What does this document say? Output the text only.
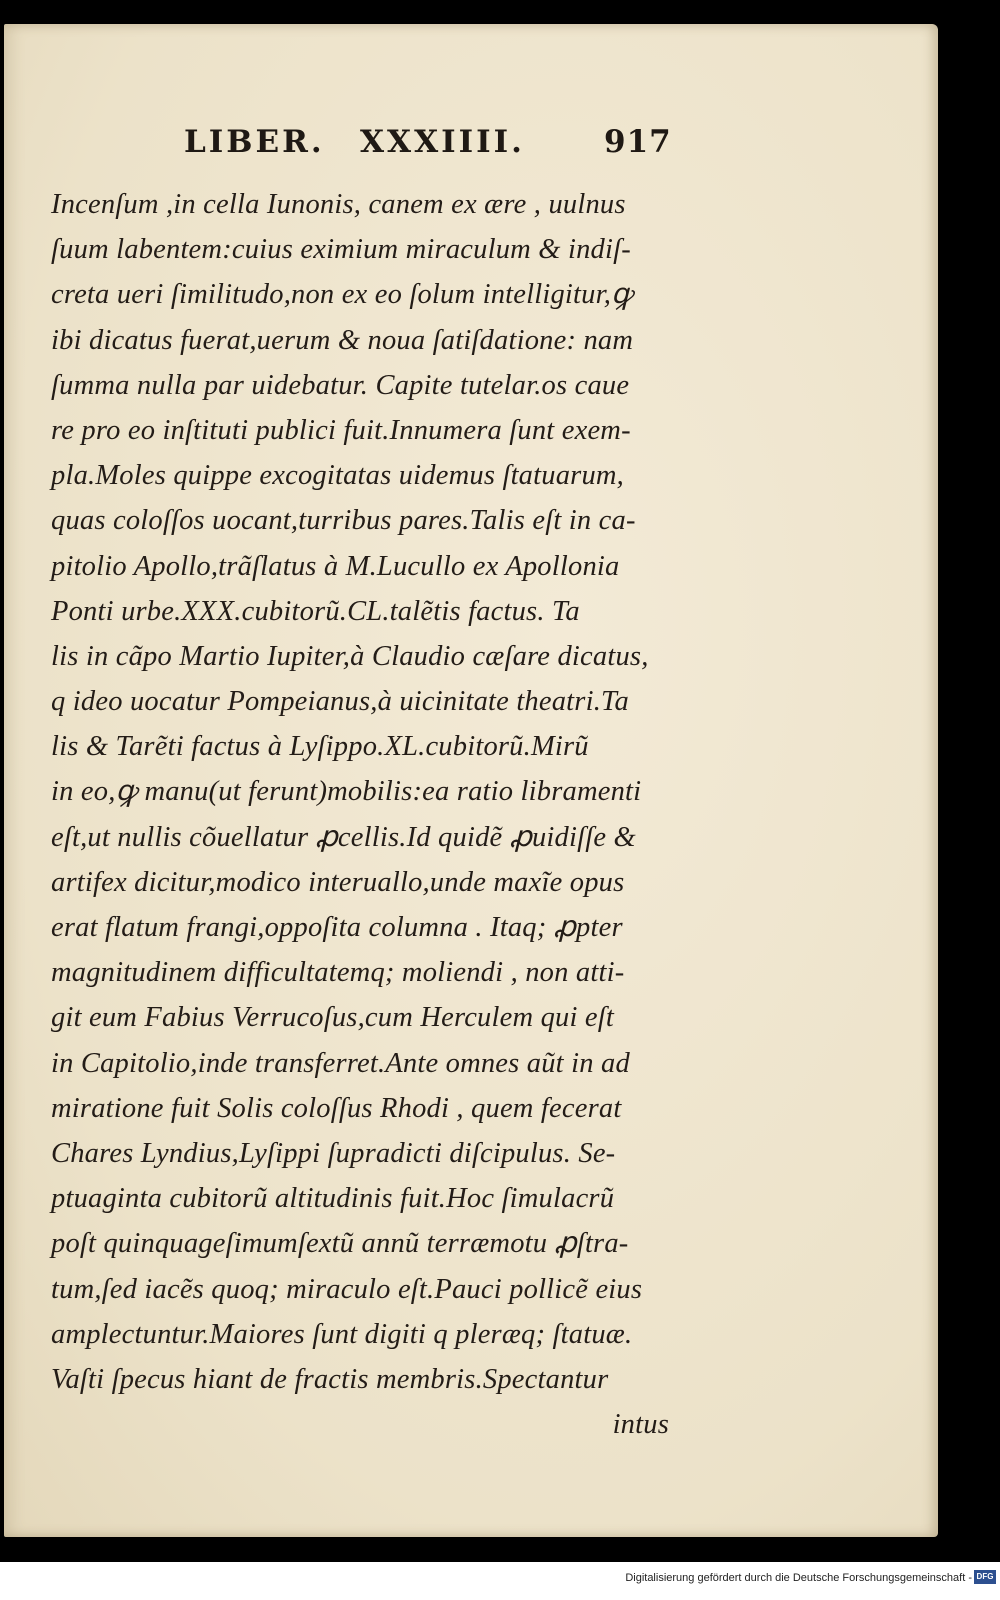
LIBER. XXXIIII.	917
Incenſum ,in cella Iunonis, canem ex ære , uulnus
ſuum labentem:cuius eximium miraculum & indiſ-
creta ueri ſimilitudo,non ex eo ſolum intelligitur,ꝙ
ibi dicatus fuerat,uerum & noua ſatiſdatione: nam
ſumma nulla par uidebatur. Capite tutelar.os caue
re pro eo inſtituti publici fuit.Innumera ſunt exem-
pla.Moles quippe excogitatas uidemus ſtatuarum,
quas coloſſos uocant,turribus pares.Talis eſt in ca-
pitolio Apollo,trãſlatus à M.Lucullo ex Apollonia
Ponti urbe.XXX.cubitorũ.CL.talẽtis factus. Ta
lis in cãpo Martio Iupiter,à Claudio cæſare dicatus,
q ideo uocatur Pompeianus,à uicinitate theatri.Ta
lis & Tarẽti factus à Lyſippo.XL.cubitorũ.Mirũ
in eo,ꝙ manu(ut ferunt)mobilis:ea ratio libramenti
eſt,ut nullis cõuellatur ꝓcellis.Id quidẽ ꝓuidiſſe &
artifex dicitur,modico interuallo,unde maxĩe opus
erat flatum frangi,oppoſita columna . Itaq; ꝓpter
magnitudinem difficultatemq; moliendi , non atti-
git eum Fabius Verrucoſus,cum Herculem qui eſt
in Capitolio,inde transferret.Ante omnes aũt in ad
miratione fuit Solis coloſſus Rhodi , quem fecerat
Chares Lyndius,Lyſippi ſupradicti diſcipulus. Se-
ptuaginta cubitorũ altitudinis fuit.Hoc ſimulacrũ
poſt quinquageſimumſextũ annũ terræmotu ꝓſtra-
tum,ſed iacẽs quoq; miraculo eſt.Pauci pollicẽ eius
amplectuntur.Maiores ſunt digiti q pleræq; ſtatuæ.
Vaſti ſpecus hiant de fractis membris.Spectantur
intus
Digitalisierung gefördert durch die Deutsche Forschungsgemeinschaft - DFG
